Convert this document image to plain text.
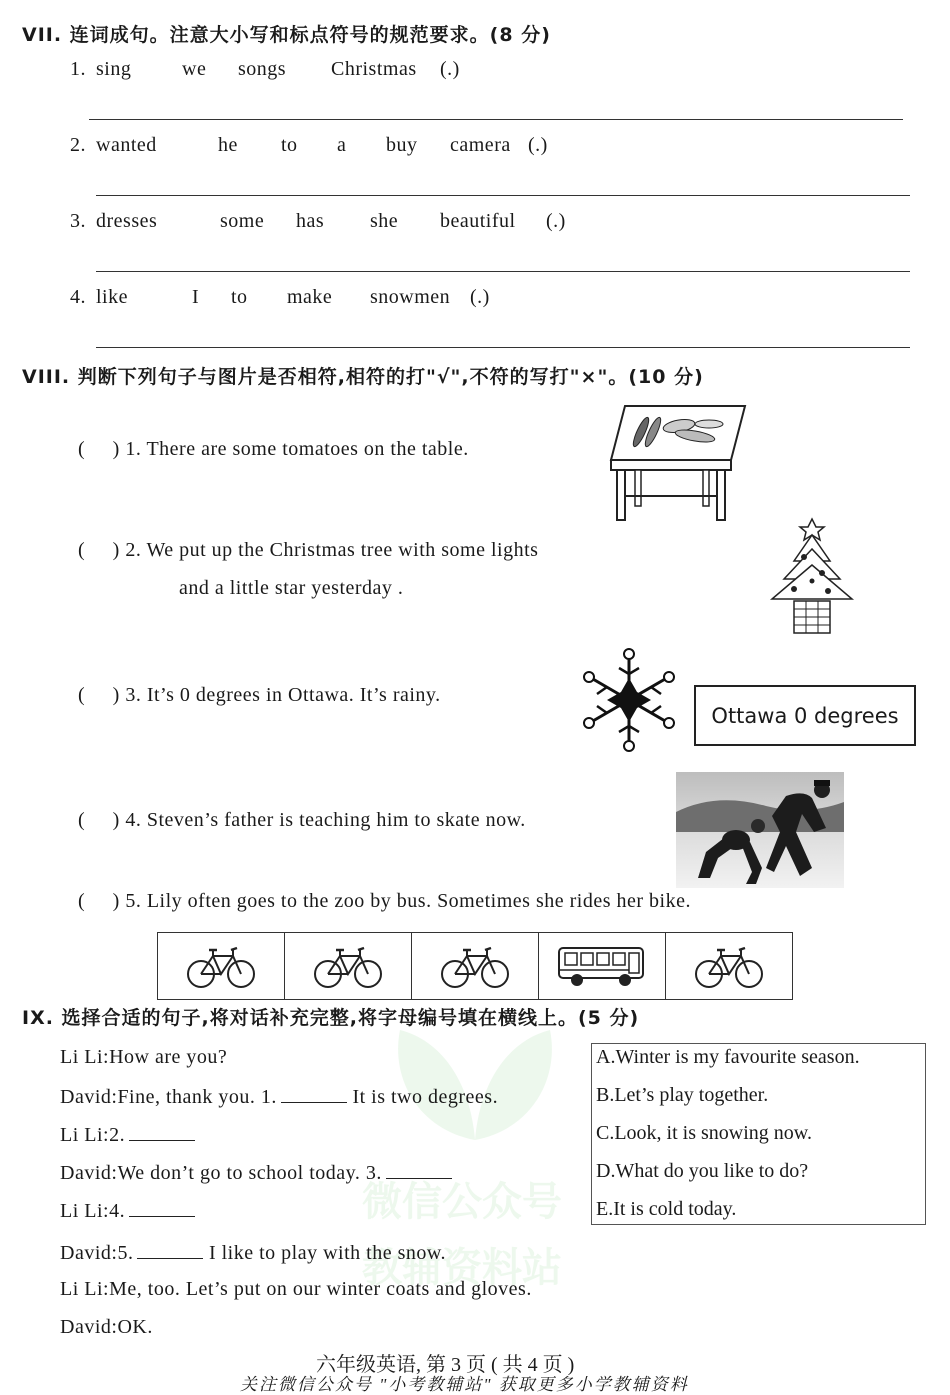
微信公众号
教辅资料站
VII. 连词成句。注意大小写和标点符号的规范要求。(8 分)
1. sing	we songs Christmas (.)
2. wanted	he to a buy camera (.)
3. dresses	some has she beautiful (.)
4. like	I to make snowmen (.)
VIII. 判断下列句子与图片是否相符,相符的打"√",不符的写打"×"。(10 分)
(     ) 1. There are some tomatoes on the table.
(     ) 2. We put up the Christmas tree with some lights
and a little star yesterday .
(     ) 3. It’s 0 degrees in Ottawa. It’s rainy.
(     ) 4. Steven’s father is teaching him to skate now.
(     ) 5. Lily often goes to the zoo by bus. Sometimes she rides her bike.
Ottawa 0 degrees
IX. 选择合适的句子,将对话补充完整,将字母编号填在横线上。(5 分)
Li Li:How are you?
David:Fine, thank you. 1.	It is two degrees.
Li Li:2.
David:We don’t go to school today. 3.
Li Li:4.
David:5.	I like to play with the snow.
Li Li:Me, too. Let’s put on our winter coats and gloves.
David:OK.
A.Winter is my favourite season.
B.Let’s play together.
C.Look, it is snowing now.
D.What do you like to do?
E.It is cold today.
六年级英语, 第 3 页 ( 共 4 页 )
关注微信公众号 "小考教辅站" 获取更多小学教辅资料
